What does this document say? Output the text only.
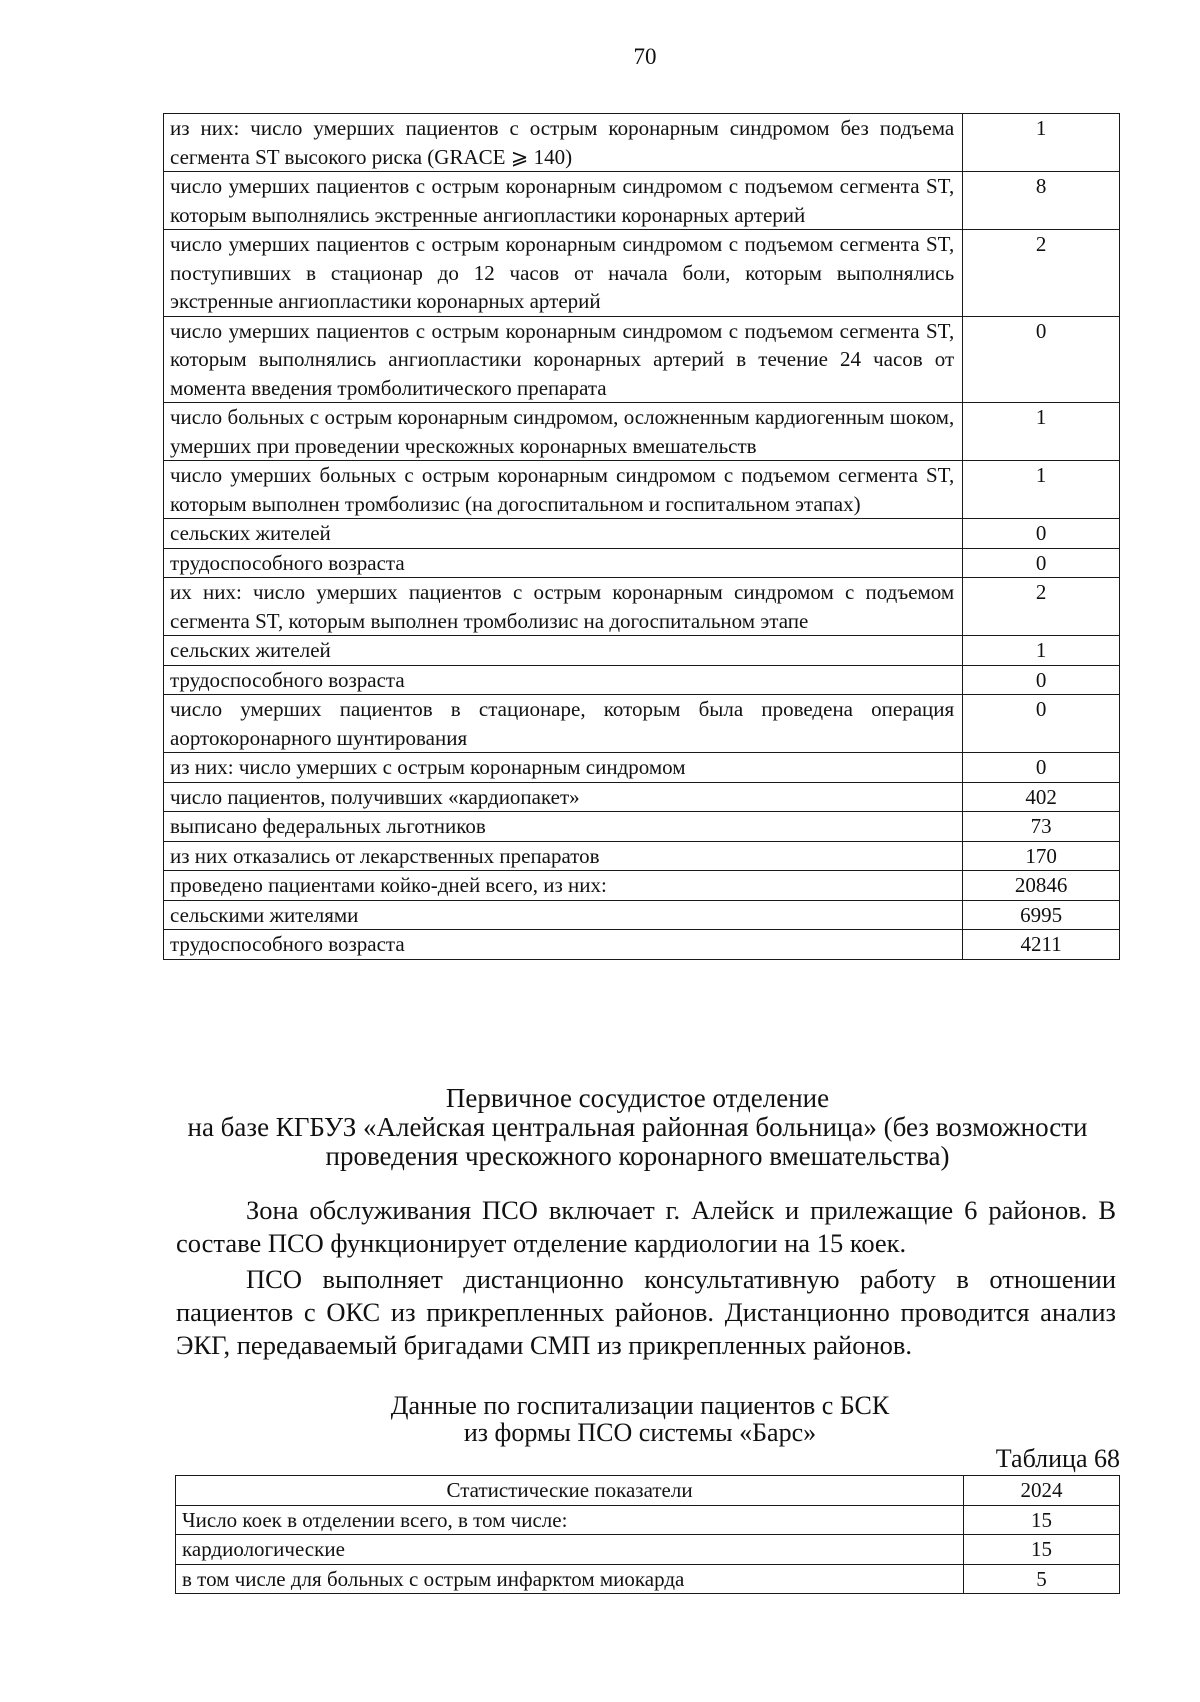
70
из них: число умерших пациентов с острым коронарным синдромом без подъема сегмента ST высокого риска (GRACE ⩾ 140)	1
число умерших пациентов с острым коронарным синдромом с подъемом сегмента ST, которым выполнялись экстренные ангиопластики коронарных артерий	8
число умерших пациентов с острым коронарным синдромом с подъемом сегмента ST, поступивших в стационар до 12 часов от начала боли, которым выполнялись экстренные ангиопластики коронарных артерий	2
число умерших пациентов с острым коронарным синдромом с подъемом сегмента ST, которым выполнялись ангиопластики коронарных артерий в течение 24 часов от момента введения тромболитического препарата	0
число больных с острым коронарным синдромом, осложненным кардиогенным шоком, умерших при проведении чрескожных коронарных вмешательств	1
число умерших больных с острым коронарным синдромом с подъемом сегмента ST, которым выполнен тромболизис (на догоспитальном и госпитальном этапах)	1
сельских жителей	0
трудоспособного возраста	0
их них: число умерших пациентов с острым коронарным синдромом с подъемом сегмента ST, которым выполнен тромболизис на догоспитальном этапе	2
сельских жителей	1
трудоспособного возраста	0
число умерших пациентов в стационаре, которым была проведена операция аортокоронарного шунтирования	0
из них: число умерших с острым коронарным синдромом	0
число пациентов, получивших «кардиопакет»	402
выписано федеральных льготников	73
из них отказались от лекарственных препаратов	170
проведено пациентами койко-дней всего, из них:	20846
сельскими жителями	6995
трудоспособного возраста	4211
Первичное сосудистое отделение
на базе КГБУЗ «Алейская центральная районная больница» (без возможности проведения чрескожного коронарного вмешательства)

Зона обслуживания ПСО включает г. Алейск и прилежащие 6 районов. В составе ПСО функционирует отделение кардиологии на 15 коек.

ПСО выполняет дистанционно консультативную работу в отношении пациентов с ОКС из прикрепленных районов. Дистанционно проводится анализ ЭКГ, передаваемый бригадами СМП из прикрепленных районов.

Данные по госпитализации пациентов с БСК
из формы ПСО системы «Барс»
Таблица 68
Статистические показатели	2024
Число коек в отделении всего, в том числе:	15
кардиологические	15
в том числе для больных с острым инфарктом миокарда	5
